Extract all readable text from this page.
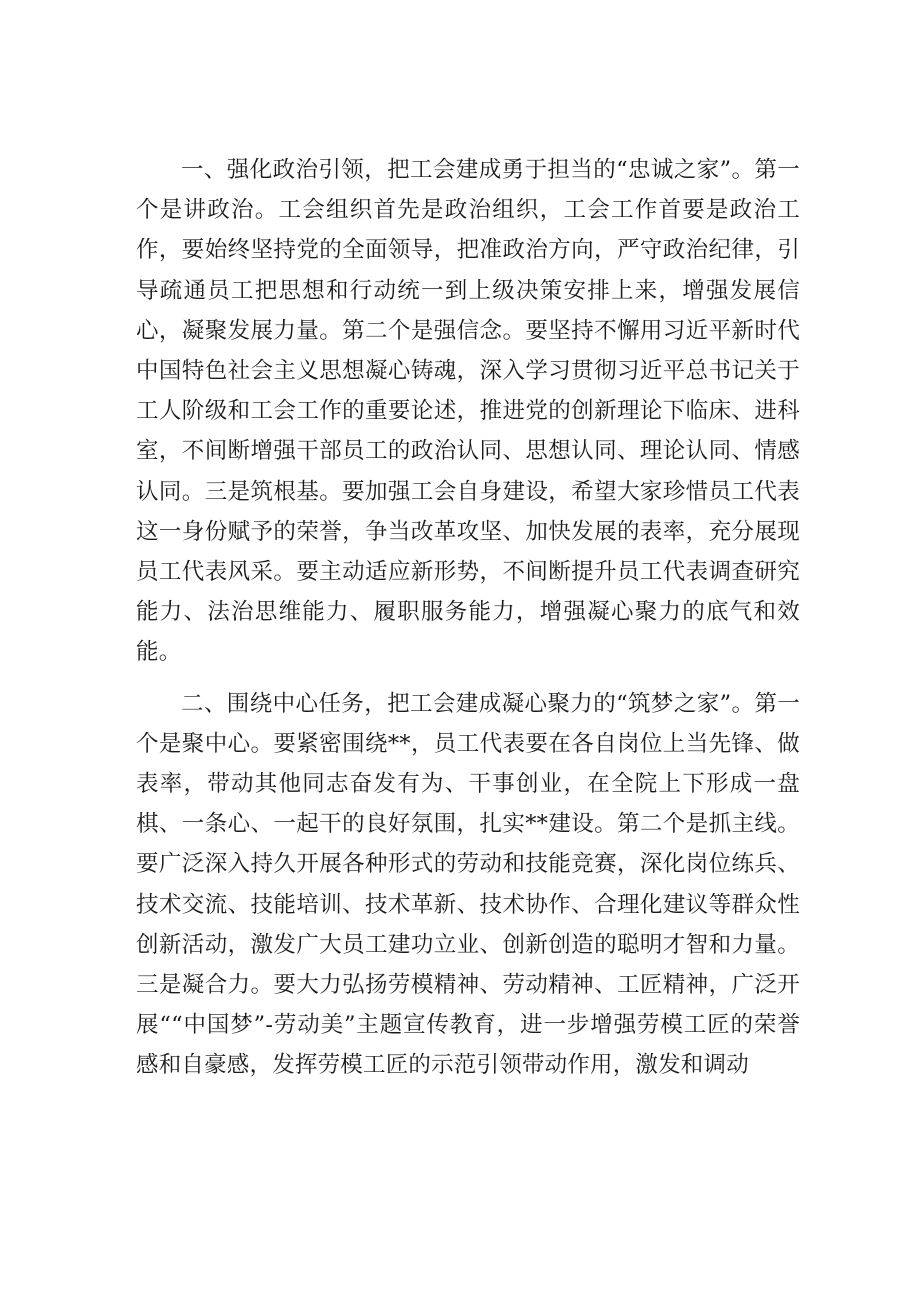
一、强化政治引领，把工会建成勇于担当的“忠诚之家”。第一个是讲政治。工会组织首先是政治组织，工会工作首要是政治工作，要始终坚持党的全面领导，把准政治方向，严守政治纪律，引导疏通员工把思想和行动统一到上级决策安排上来，增强发展信心，凝聚发展力量。第二个是强信念。要坚持不懈用习近平新时代中国特色社会主义思想凝心铸魂，深入学习贯彻习近平总书记关于工人阶级和工会工作的重要论述，推进党的创新理论下临床、进科室，不间断增强干部员工的政治认同、思想认同、理论认同、情感认同。三是筑根基。要加强工会自身建设，希望大家珍惜员工代表这一身份赋予的荣誉，争当改革攻坚、加快发展的表率，充分展现员工代表风采。要主动适应新形势，不间断提升员工代表调查研究能力、法治思维能力、履职服务能力，增强凝心聚力的底气和效能。

二、围绕中心任务，把工会建成凝心聚力的“筑梦之家”。第一个是聚中心。要紧密围绕**，员工代表要在各自岗位上当先锋、做表率，带动其他同志奋发有为、干事创业，在全院上下形成一盘棋、一条心、一起干的良好氛围，扎实**建设。第二个是抓主线。要广泛深入持久开展各种形式的劳动和技能竞赛，深化岗位练兵、技术交流、技能培训、技术革新、技术协作、合理化建议等群众性创新活动，激发广大员工建功立业、创新创造的聪明才智和力量。三是凝合力。要大力弘扬劳模精神、劳动精神、工匠精神，广泛开展““中国梦”-劳动美”主题宣传教育，进一步增强劳模工匠的荣誉感和自豪感，发挥劳模工匠的示范引领带动作用，激发和调动
